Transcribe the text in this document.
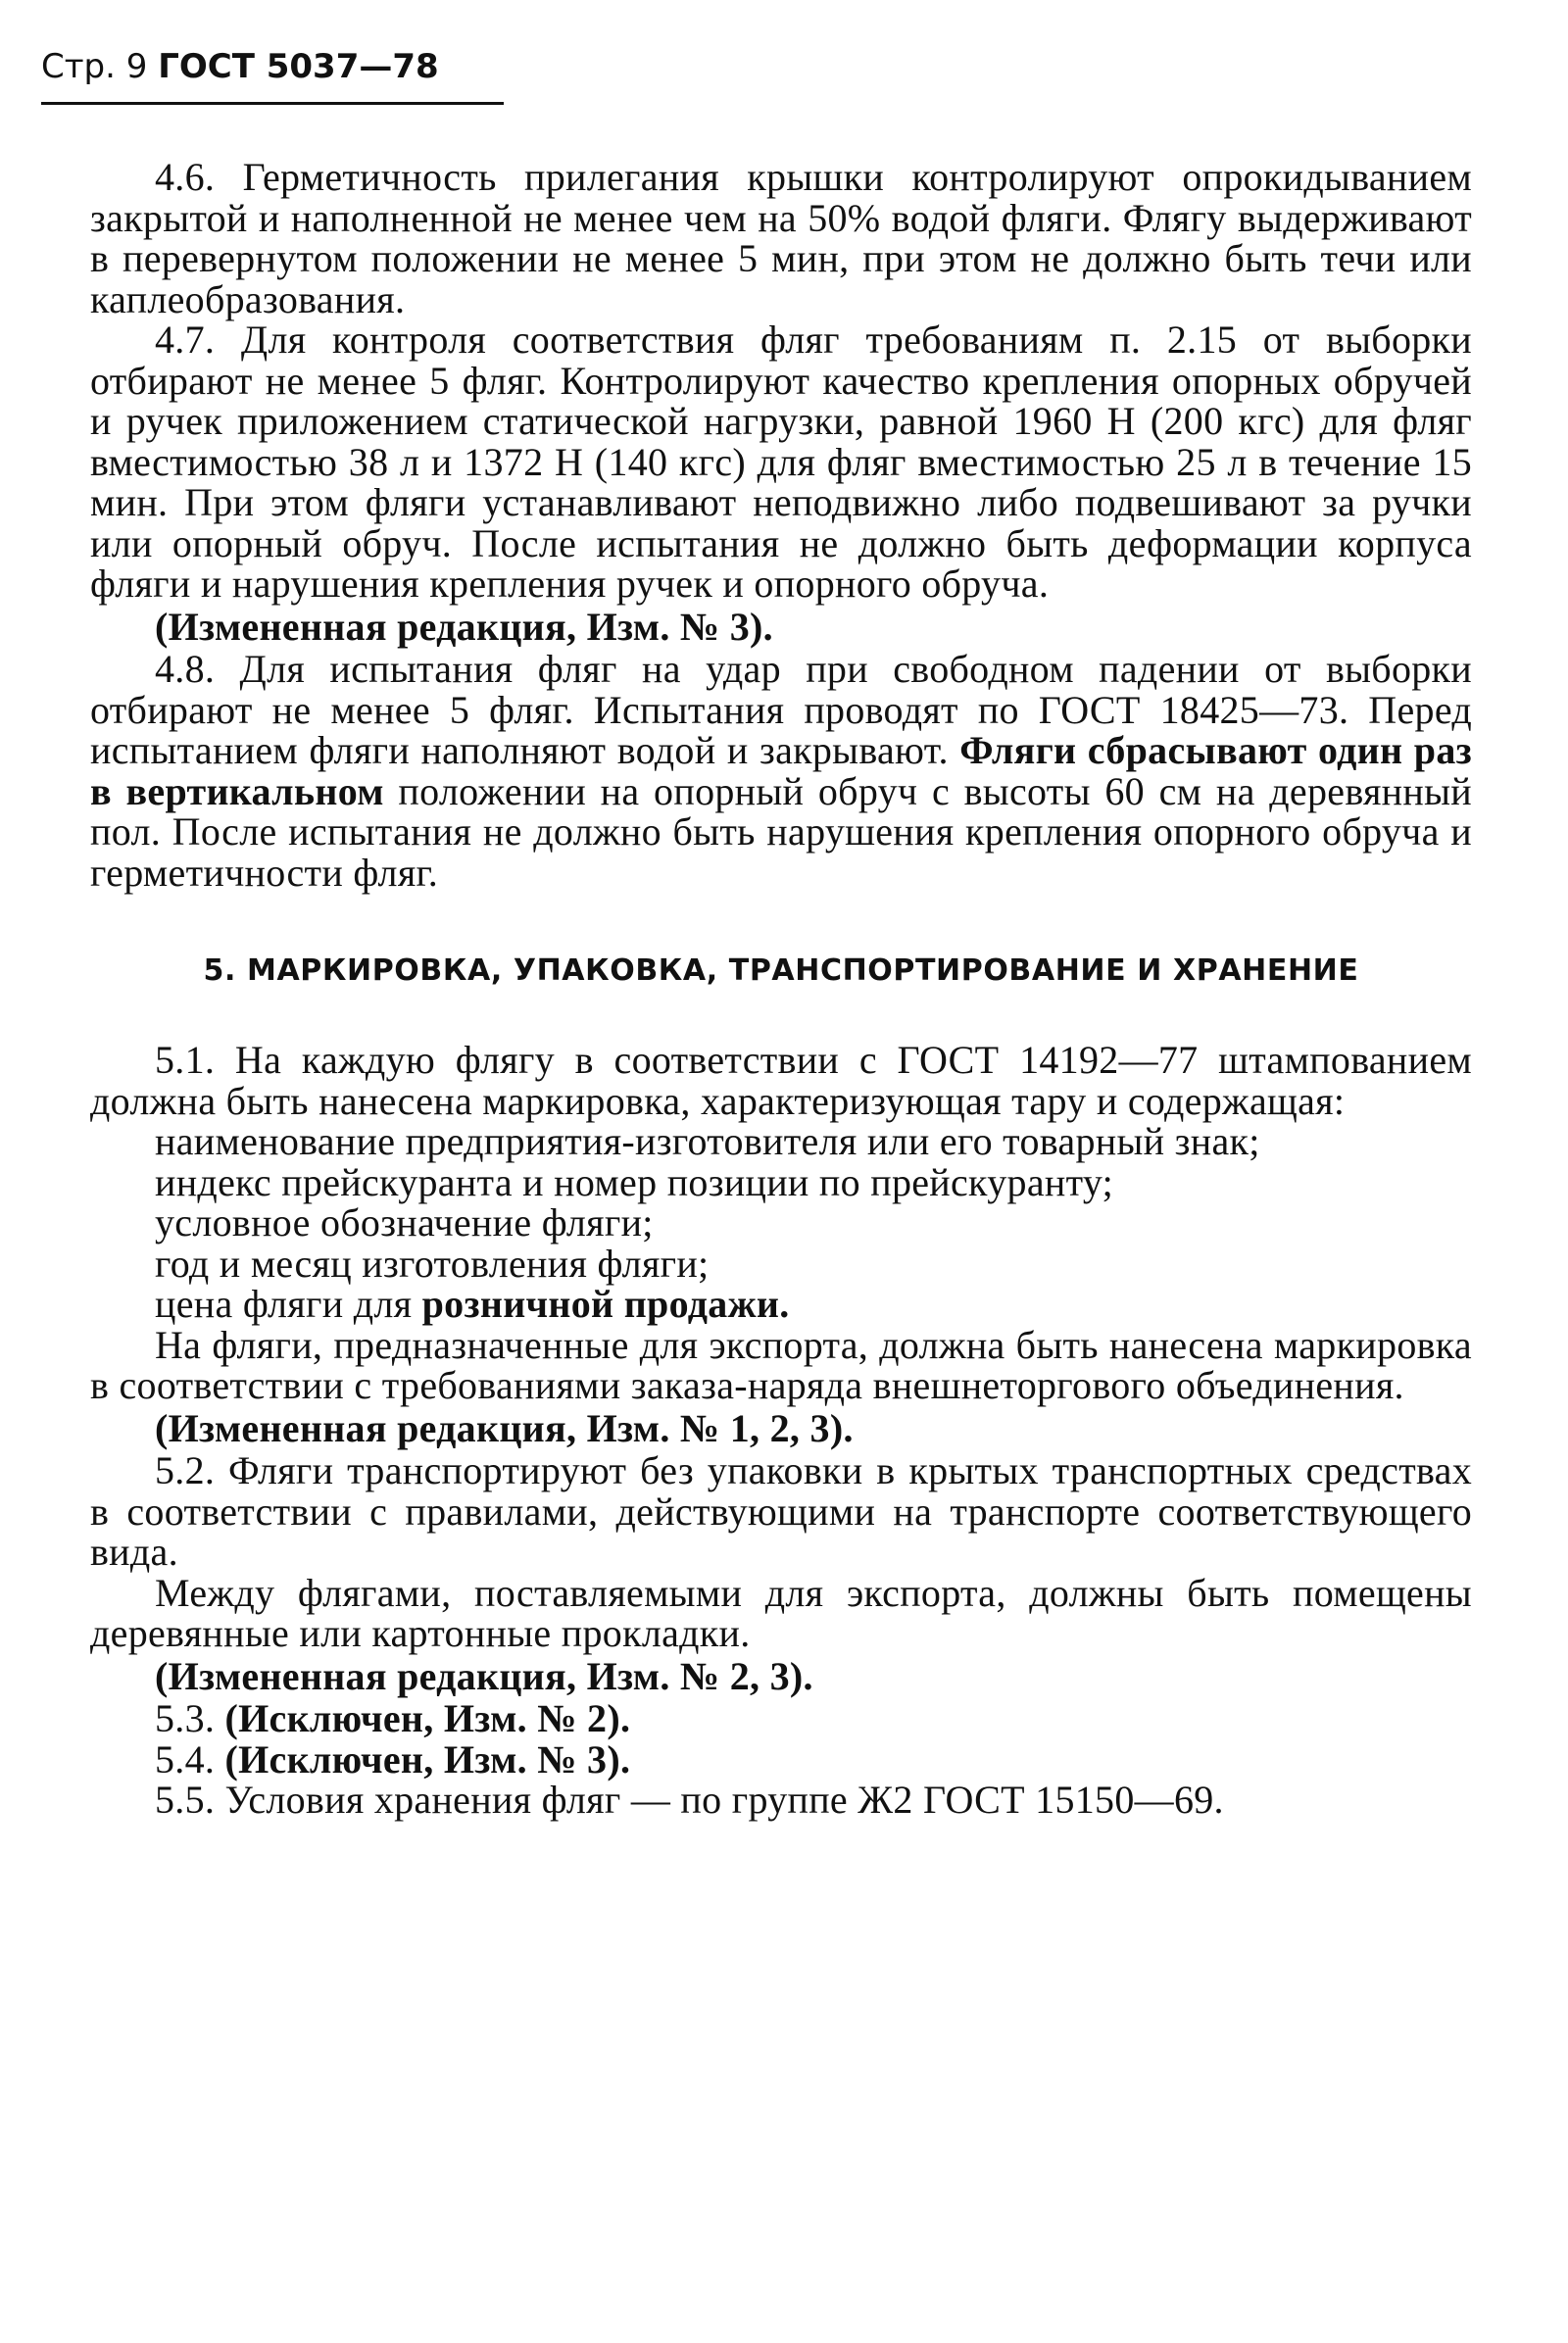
Стр. 9 ГОСТ 5037—78

4.6. Герметичность прилегания крышки контролируют опрокидыванием закрытой и наполненной не менее чем на 50% водой фляги. Флягу выдерживают в перевернутом положении не менее 5 мин, при этом не должно быть течи или каплеобразования.

4.7. Для контроля соответствия фляг требованиям п. 2.15 от выборки отбирают не менее 5 фляг. Контролируют качество крепления опорных обручей и ручек приложением статической нагрузки, равной 1960 Н (200 кгс) для фляг вместимостью 38 л и 1372 Н (140 кгс) для фляг вместимостью 25 л в течение 15 мин. При этом фляги устанавливают неподвижно либо подвешивают за ручки или опорный обруч. После испытания не должно быть деформации корпуса фляги и нарушения крепления ручек и опорного обруча.

(Измененная редакция, Изм. № 3).

4.8. Для испытания фляг на удар при свободном падении от выборки отбирают не менее 5 фляг. Испытания проводят по ГОСТ 18425—73. Перед испытанием фляги наполняют водой и закрывают. Фляги сбрасывают один раз в вертикальном положении на опорный обруч с высоты 60 см на деревянный пол. После испытания не должно быть нарушения крепления опорного обруча и герметичности фляг.

5. МАРКИРОВКА, УПАКОВКА, ТРАНСПОРТИРОВАНИЕ И ХРАНЕНИЕ

5.1. На каждую флягу в соответствии с ГОСТ 14192—77 штампованием должна быть нанесена маркировка, характеризующая тару и содержащая:

наименование предприятия-изготовителя или его товарный знак;

индекс прейскуранта и номер позиции по прейскуранту;

условное обозначение фляги;

год и месяц изготовления фляги;

цена фляги для розничной продажи.

На фляги, предназначенные для экспорта, должна быть нанесена маркировка в соответствии с требованиями заказа-наряда внешнеторгового объединения.

(Измененная редакция, Изм. № 1, 2, 3).

5.2. Фляги транспортируют без упаковки в крытых транспортных средствах в соответствии с правилами, действующими на транспорте соответствующего вида.

Между флягами, поставляемыми для экспорта, должны быть помещены деревянные или картонные прокладки.

(Измененная редакция, Изм. № 2, 3).

5.3. (Исключен, Изм. № 2).

5.4. (Исключен, Изм. № 3).

5.5. Условия хранения фляг — по группе Ж2 ГОСТ 15150—69.
